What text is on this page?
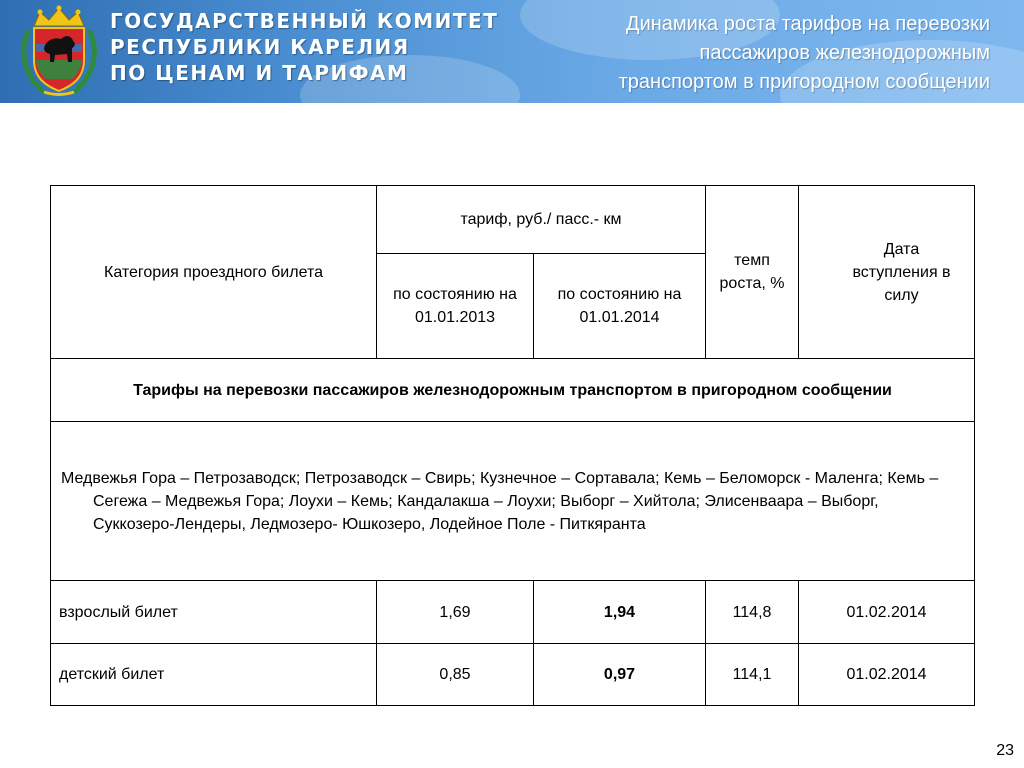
ГОСУДАРСТВЕННЫЙ КОМИТЕТ
РЕСПУБЛИКИ КАРЕЛИЯ
ПО ЦЕНАМ И ТАРИФАМ
Динамика роста тарифов на перевозки
пассажиров железнодорожным
транспортом в пригородном сообщении
Категория проездного билета	тариф, руб./ пасс.- км		темп роста, %	Дата вступления в силу
	по состоянию на 01.01.2013	по состоянию на 01.01.2014		
Тарифы на перевозки пассажиров железнодорожным транспортом в пригородном сообщении				
Медвежья Гора – Петрозаводск; Петрозаводск – Свирь; Кузнечное – Сортавала; Кемь – Беломорск - Маленга; Кемь – Сегежа – Медвежья Гора; Лоухи – Кемь; Кандалакша – Лоухи; Выборг – Хийтола; Элисенваара – Выборг, Суккозеро-Лендеры, Ледмозеро- Юшкозеро, Лодейное Поле - Питкяранта				
взрослый билет	1,69	1,94	114,8	01.02.2014
детский билет	0,85	0,97	114,1	01.02.2014
23
